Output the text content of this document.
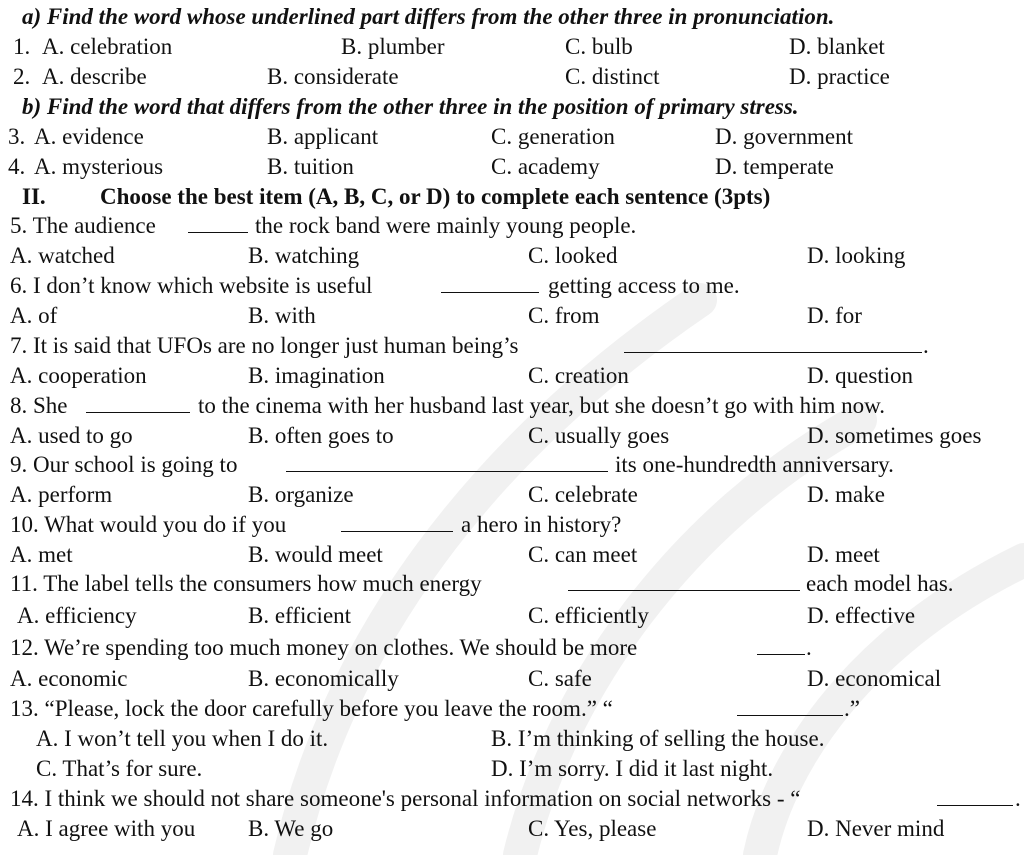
a) Find the word whose underlined part differs from the other three in pronunciation.
1. A. celebration	B. plumber	C. bulb	D. blanket
2. A. describe	B. considerate	C. distinct	D. practice
b) Find the word that differs from the other three in the position of primary stress.
3. A. evidence	B. applicant	C. generation	D. government
4. A. mysterious	B. tuition	C. academy	D. temperate
II. Choose the best item (A, B, C, or D) to complete each sentence (3pts)
5. The audience	the rock band were mainly young people.
A. watched	B. watching	C. looked	D. looking
6. I don’t know which website is useful	getting access to me.
A. of	B. with	C. from	D. for
7. It is said that UFOs are no longer just human being’s	.
A. cooperation	B. imagination	C. creation	D. question
8. She	to the cinema with her husband last year, but she doesn’t go with him now.
A. used to go	B. often goes to	C. usually goes	D. sometimes goes
9. Our school is going to	its one-hundredth anniversary.
A. perform	B. organize	C. celebrate	D. make
10. What would you do if you	a hero in history?
A. met	B. would meet	C. can meet	D. meet
11. The label tells the consumers how much energy	each model has.
A. efficiency	B. efficient	C. efficiently	D. effective
12. We’re spending too much money on clothes. We should be more	.
A. economic	B. economically	C. safe	D. economical
13. “Please, lock the door carefully before you leave the room.” “	.”
A. I won’t tell you when I do it.	B. I’m thinking of selling the house.
C. That’s for sure.	D. I’m sorry. I did it last night.
14. I think we should not share someone's personal information on social networks - “	.
A. I agree with you B. We go	C. Yes, please	D. Never mind
